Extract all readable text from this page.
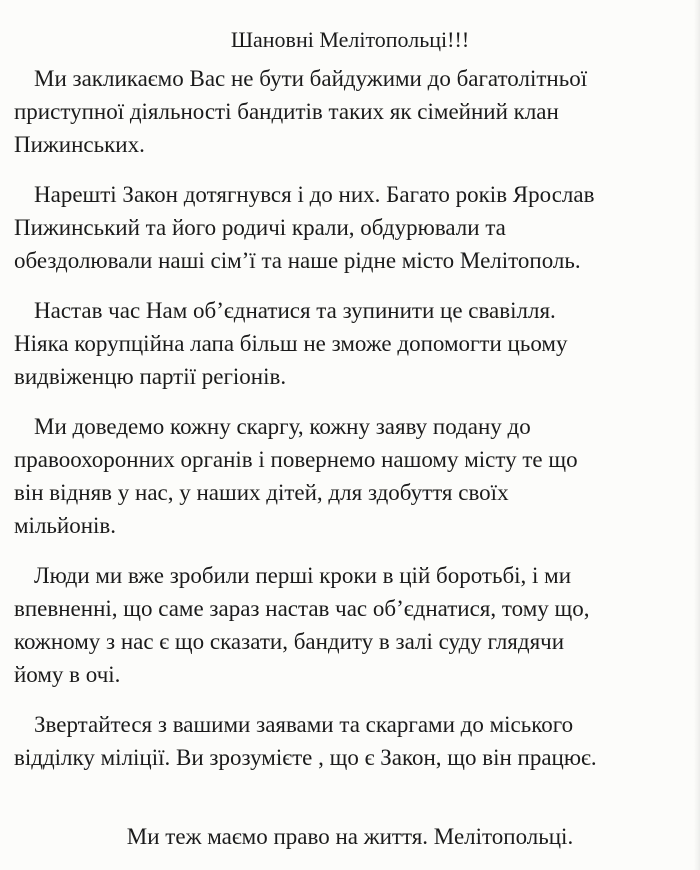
Шановні Мелітопольці!!!

Ми закликаємо Вас не бути байдужими до багатолітньої
приступної діяльності бандитів таких як сімейний клан
Пижинських.

Нарешті Закон дотягнувся і до них. Багато років Ярослав
Пижинський та його родичі крали, обдурювали та
обездолювали наші сім’ї та наше рідне місто Мелітополь.

Настав час Нам об’єднатися та зупинити це свавілля.
Ніяка корупційна лапа більш не зможе допомогти цьому
видвіженцю партії регіонів.

Ми доведемо кожну скаргу, кожну заяву подану до
правоохоронних органів і повернемо нашому місту те що
він відняв у нас, у наших дітей, для здобуття своїх
мільйонів.

Люди ми вже зробили перші кроки в цій боротьбі, і ми
впевненні, що саме зараз настав час об’єднатися, тому що,
кожному з нас є що сказати, бандиту в залі суду глядячи
йому в очі.

Звертайтеся з вашими заявами та скаргами до міського
відділку міліції. Ви зрозумієте , що є Закон, що він працює.

Ми теж маємо право на життя. Мелітопольці.
